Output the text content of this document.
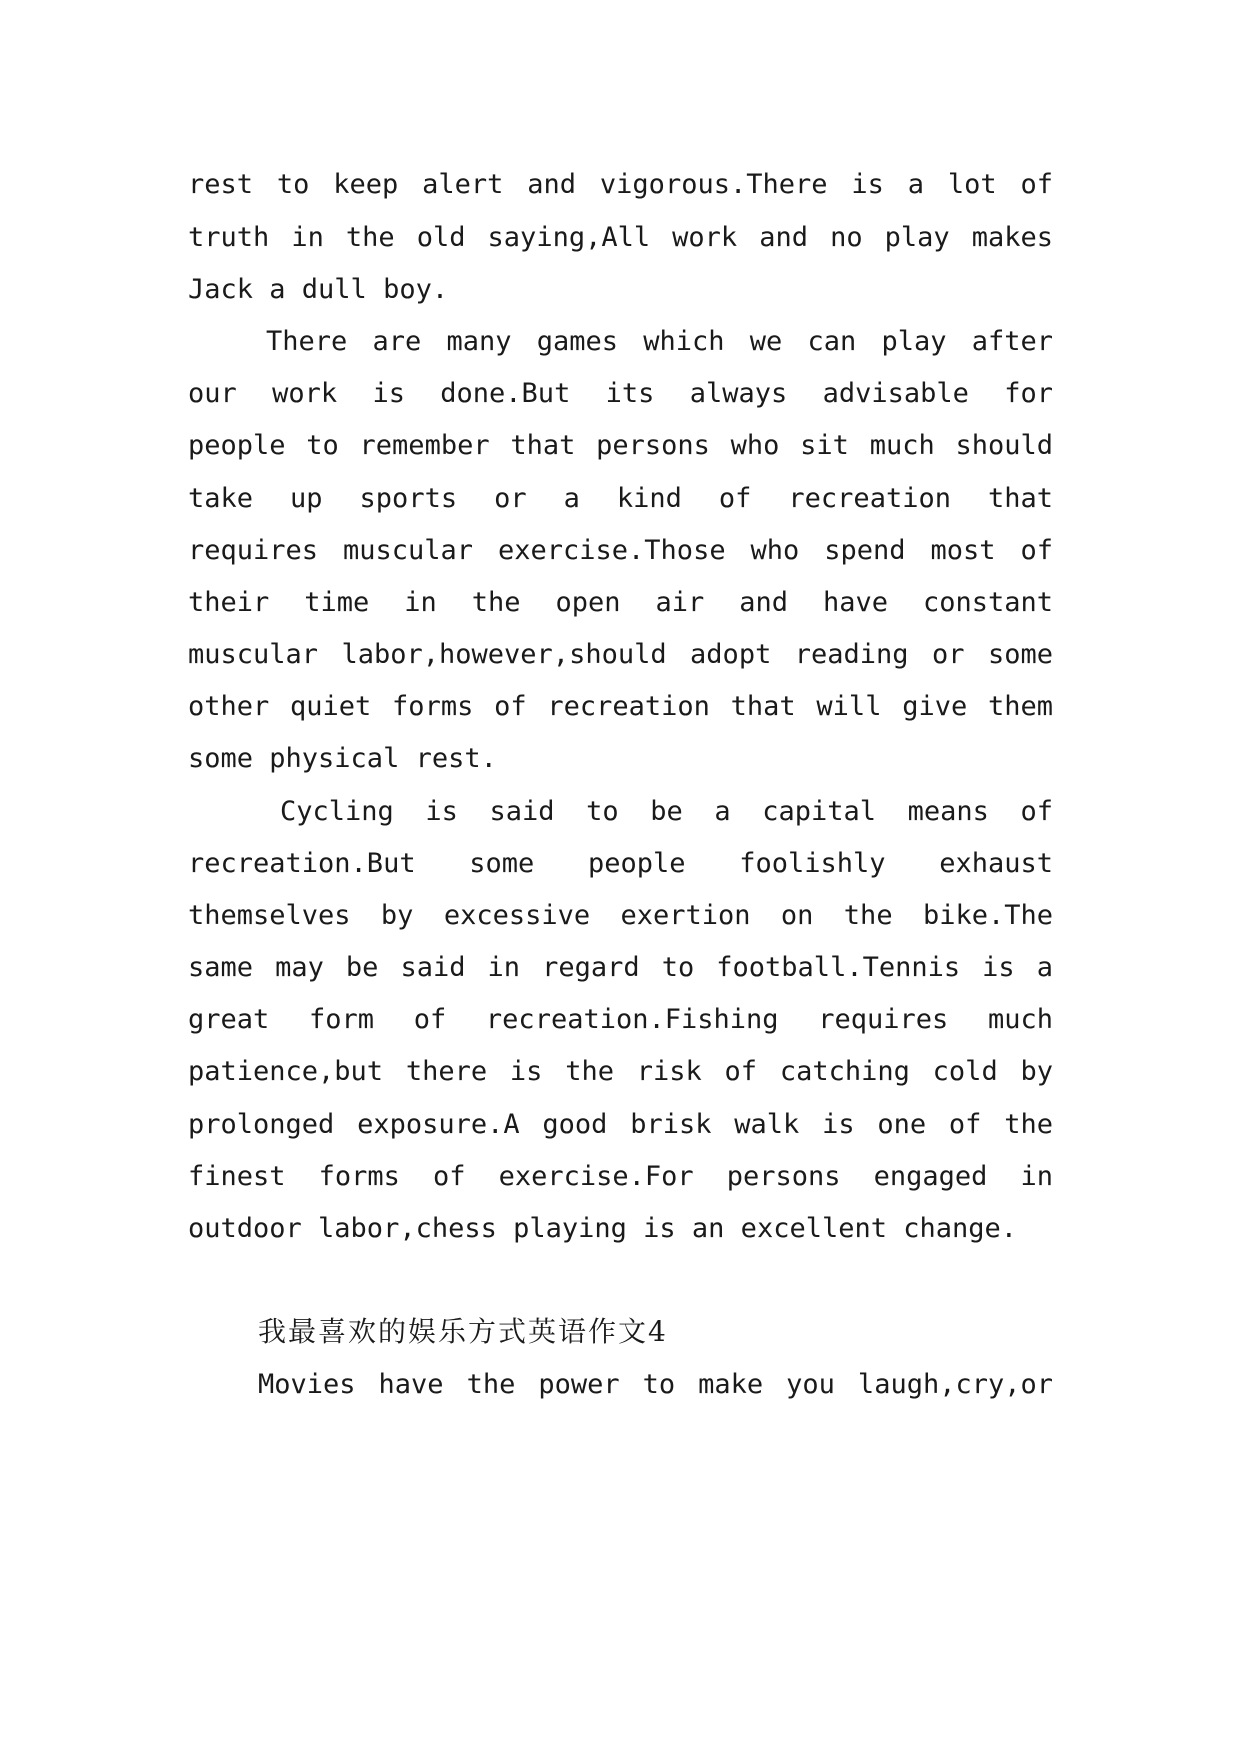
rest to keep alert and vigorous.There is a lot of
truth in the old saying,All work and no play makes
Jack a dull boy.
There are many games which we can play after
our work is done.But its always advisable for
people to remember that persons who sit much should
take up sports or a kind of recreation that
requires muscular exercise.Those who spend most of
their time in the open air and have constant
muscular labor,however,should adopt reading or some
other quiet forms of recreation that will give them
some physical rest.
Cycling is said to be a capital means of
recreation.But some people foolishly exhaust
themselves by excessive exertion on the bike.The
same may be said in regard to football.Tennis is a
great form of recreation.Fishing requires much
patience,but there is the risk of catching cold by
prolonged exposure.A good brisk walk is one of the
finest forms of exercise.For persons engaged in
outdoor labor,chess playing is an excellent change.
我最喜欢的娱乐方式英语作文4
Movies have the power to make you laugh,cry,or
